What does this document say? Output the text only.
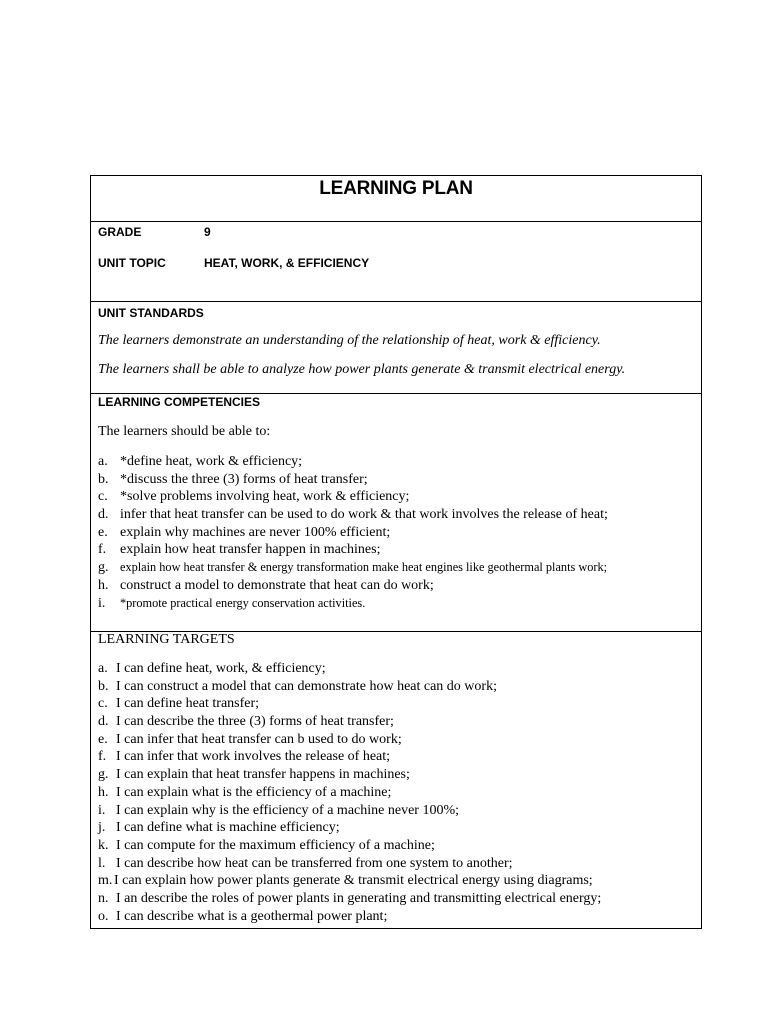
LEARNING PLAN
GRADE	9
UNIT TOPIC	HEAT, WORK, & EFFICIENCY
UNIT STANDARDS
The learners demonstrate an understanding of the relationship of heat, work & efficiency.
The learners shall be able to analyze how power plants generate & transmit electrical energy.
LEARNING COMPETENCIES
The learners should be able to:
a. *define heat, work & efficiency;
b. *discuss the three (3) forms of heat transfer;
c. *solve problems involving heat, work & efficiency;
d. infer that heat transfer can be used to do work & that work involves the release of heat;
e. explain why machines are never 100% efficient;
f. explain how heat transfer happen in machines;
g. explain how heat transfer & energy transformation make heat engines like geothermal plants work;
h. construct a model to demonstrate that heat can do work;
i. *promote practical energy conservation activities.
LEARNING TARGETS
a. I can define heat, work, & efficiency;
b. I can construct a model that can demonstrate how heat can do work;
c. I can define heat transfer;
d. I can describe the three (3) forms of heat transfer;
e. I can infer that heat transfer can b used to do work;
f. I can infer that work involves the release of heat;
g. I can explain that heat transfer happens in machines;
h. I can explain what is the efficiency of a machine;
i. I can explain why is the efficiency of a machine never 100%;
j. I can define what is machine efficiency;
k. I can compute for the maximum efficiency of a machine;
l. I can describe how heat can be transferred from one system to another;
m. I can explain how power plants generate & transmit electrical energy using diagrams;
n. I an describe the roles of power plants in generating and transmitting electrical energy;
o. I can describe what is a geothermal power plant;
